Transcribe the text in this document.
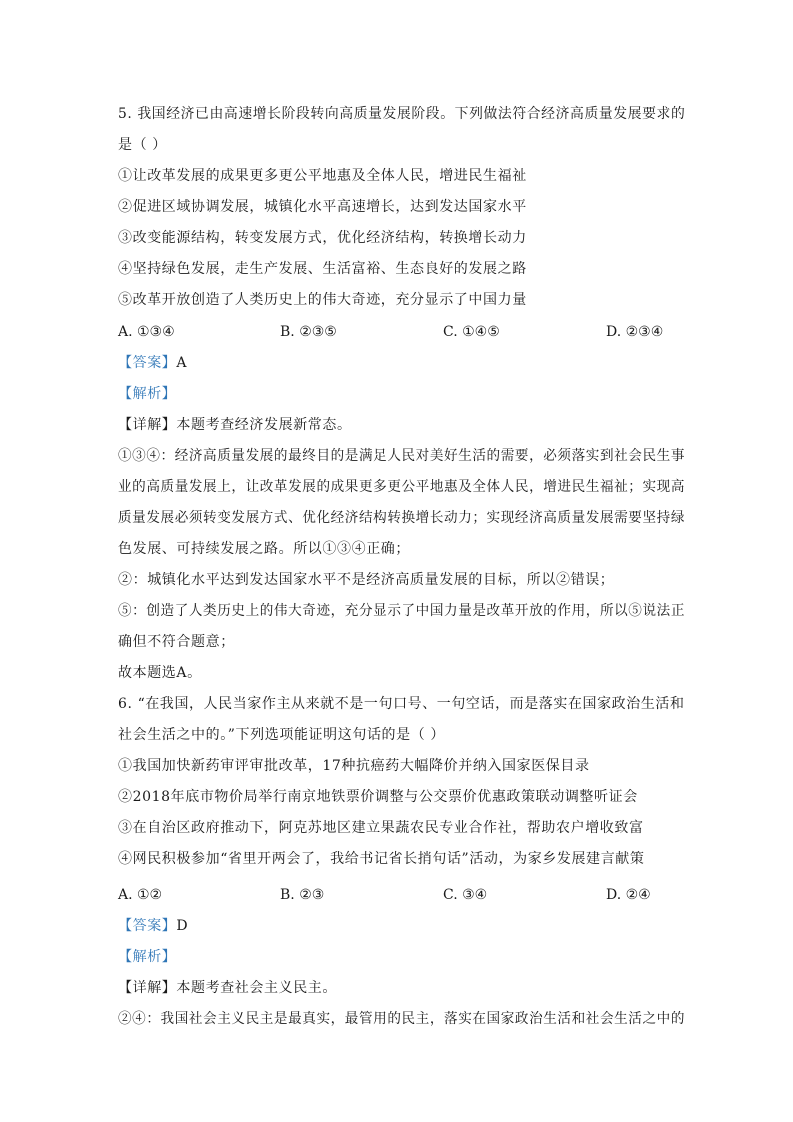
5. 我国经济已由高速增长阶段转向高质量发展阶段。下列做法符合经济高质量发展要求的
是（ ）
①让改革发展的成果更多更公平地惠及全体人民，增进民生福祉
②促进区域协调发展，城镇化水平高速增长，达到发达国家水平
③改变能源结构，转变发展方式，优化经济结构，转换增长动力
④坚持绿色发展，走生产发展、生活富裕、生态良好的发展之路
⑤改革开放创造了人类历史上的伟大奇迹，充分显示了中国力量
A. ①③④	B. ②③⑤	C. ①④⑤	D. ②③④
【答案】A
【解析】
【详解】本题考查经济发展新常态。
①③④：经济高质量发展的最终目的是满足人民对美好生活的需要，必须落实到社会民生事
业的高质量发展上，让改革发展的成果更多更公平地惠及全体人民，增进民生福祉；实现高
质量发展必须转变发展方式、优化经济结构转换增长动力；实现经济高质量发展需要坚持绿
色发展、可持续发展之路。所以①③④正确；
②：城镇化水平达到发达国家水平不是经济高质量发展的目标，所以②错误；
⑤：创造了人类历史上的伟大奇迹，充分显示了中国力量是改革开放的作用，所以⑤说法正
确但不符合题意；
故本题选A。
6. “在我国，人民当家作主从来就不是一句口号、一句空话，而是落实在国家政治生活和
社会生活之中的。”下列选项能证明这句话的是（ ）
①我国加快新药审评审批改革，17种抗癌药大幅降价并纳入国家医保目录
②2018年底市物价局举行南京地铁票价调整与公交票价优惠政策联动调整听证会
③在自治区政府推动下，阿克苏地区建立果蔬农民专业合作社，帮助农户增收致富
④网民积极参加“省里开两会了，我给书记省长捎句话”活动，为家乡发展建言献策
A. ①②	B. ②③	C. ③④	D. ②④
【答案】D
【解析】
【详解】本题考查社会主义民主。
②④：我国社会主义民主是最真实，最管用的民主，落实在国家政治生活和社会生活之中的
